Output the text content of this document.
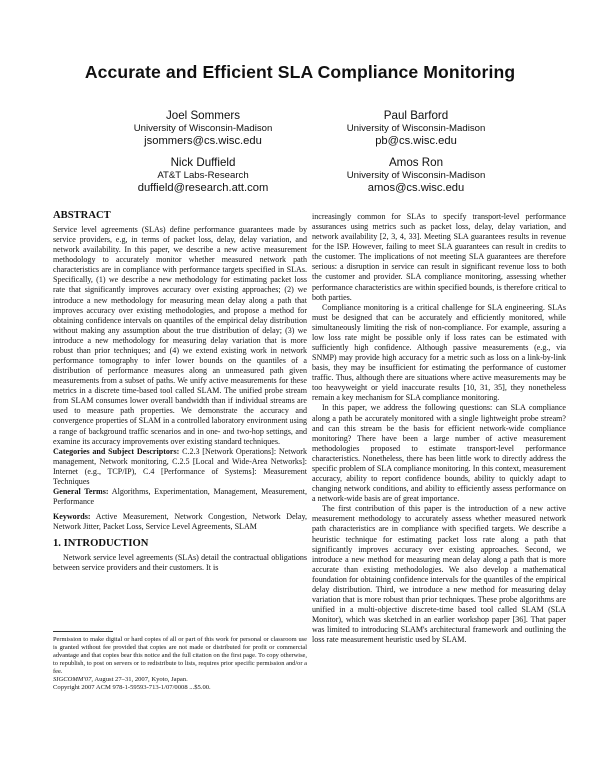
Accurate and Efficient SLA Compliance Monitoring
Joel Sommers
University of Wisconsin-Madison
jsommers@cs.wisc.edu
Paul Barford
University of Wisconsin-Madison
pb@cs.wisc.edu
Nick Duffield
AT&T Labs-Research
duffield@research.att.com
Amos Ron
University of Wisconsin-Madison
amos@cs.wisc.edu
ABSTRACT

Service level agreements (SLAs) define performance guarantees made by service providers, e.g, in terms of packet loss, delay, delay variation, and network availability. In this paper, we describe a new active measurement methodology to accurately monitor whether measured network path characteristics are in compliance with performance targets specified in SLAs. Specifically, (1) we describe a new methodology for estimating packet loss rate that significantly improves accuracy over existing approaches; (2) we introduce a new methodology for measuring mean delay along a path that improves accuracy over existing methodologies, and propose a method for obtaining confidence intervals on quantiles of the empirical delay distribution without making any assumption about the true distribution of delay; (3) we introduce a new methodology for measuring delay variation that is more robust than prior techniques; and (4) we extend existing work in network performance tomography to infer lower bounds on the quantiles of a distribution of performance measures along an unmeasured path given measurements from a subset of paths. We unify active measurements for these metrics in a discrete time-based tool called SLAM. The unified probe stream from SLAM consumes lower overall bandwidth than if individual streams are used to measure path properties. We demonstrate the accuracy and convergence properties of SLAM in a controlled laboratory environment using a range of background traffic scenarios and in one- and two-hop settings, and examine its accuracy improvements over existing standard techniques.

Categories and Subject Descriptors: C.2.3 [Network Operations]: Network management, Network monitoring, C.2.5 [Local and Wide-Area Networks]: Internet (e.g., TCP/IP), C.4 [Performance of Systems]: Measurement Techniques

General Terms: Algorithms, Experimentation, Management, Measurement, Performance

Keywords: Active Measurement, Network Congestion, Network Delay, Network Jitter, Packet Loss, Service Level Agreements, SLAM

1. INTRODUCTION

Network service level agreements (SLAs) detail the contractual obligations between service providers and their customers. It is

Permission to make digital or hard copies of all or part of this work for personal or classroom use is granted without fee provided that copies are not made or distributed for profit or commercial advantage and that copies bear this notice and the full citation on the first page. To copy otherwise, to republish, to post on servers or to redistribute to lists, requires prior specific permission and/or a fee.

SIGCOMM'07, August 27–31, 2007, Kyoto, Japan.

Copyright 2007 ACM 978-1-59593-713-1/07/0008 ...$5.00.

increasingly common for SLAs to specify transport-level performance assurances using metrics such as packet loss, delay, delay variation, and network availability [2, 3, 4, 33]. Meeting SLA guarantees results in revenue for the ISP. However, failing to meet SLA guarantees can result in credits to the customer. The implications of not meeting SLA guarantees are therefore serious: a disruption in service can result in significant revenue loss to both the customer and provider. SLA compliance monitoring, assessing whether performance characteristics are within specified bounds, is therefore critical to both parties.

Compliance monitoring is a critical challenge for SLA engineering. SLAs must be designed that can be accurately and efficiently monitored, while simultaneously limiting the risk of non-compliance. For example, assuring a low loss rate might be possible only if loss rates can be estimated with sufficiently high confidence. Although passive measurements (e.g., via SNMP) may provide high accuracy for a metric such as loss on a link-by-link basis, they may be insufficient for estimating the performance of customer traffic. Thus, although there are situations where active measurements may be too heavyweight or yield inaccurate results [10, 31, 35], they nonetheless remain a key mechanism for SLA compliance monitoring.

In this paper, we address the following questions: can SLA compliance along a path be accurately monitored with a single lightweight probe stream? and can this stream be the basis for efficient network-wide compliance monitoring? There have been a large number of active measurement methodologies proposed to estimate transport-level performance characteristics. Nonetheless, there has been little work to directly address the specific problem of SLA compliance monitoring. In this context, measurement accuracy, ability to report confidence bounds, ability to quickly adapt to changing network conditions, and ability to efficiently assess performance on a network-wide basis are of great importance.

The first contribution of this paper is the introduction of a new active measurement methodology to accurately assess whether measured network path characteristics are in compliance with specified targets. We describe a heuristic technique for estimating packet loss rate along a path that significantly improves accuracy over existing approaches. Second, we introduce a new method for measuring mean delay along a path that is more accurate than existing methodologies. We also develop a mathematical foundation for obtaining confidence intervals for the quantiles of the empirical delay distribution. Third, we introduce a new method for measuring delay variation that is more robust than prior techniques. These probe algorithms are unified in a multi-objective discrete-time based tool called SLAM (SLA Monitor), which was sketched in an earlier workshop paper [36]. That paper was limited to introducing SLAM's architectural framework and outlining the loss rate measurement heuristic used by SLAM.
